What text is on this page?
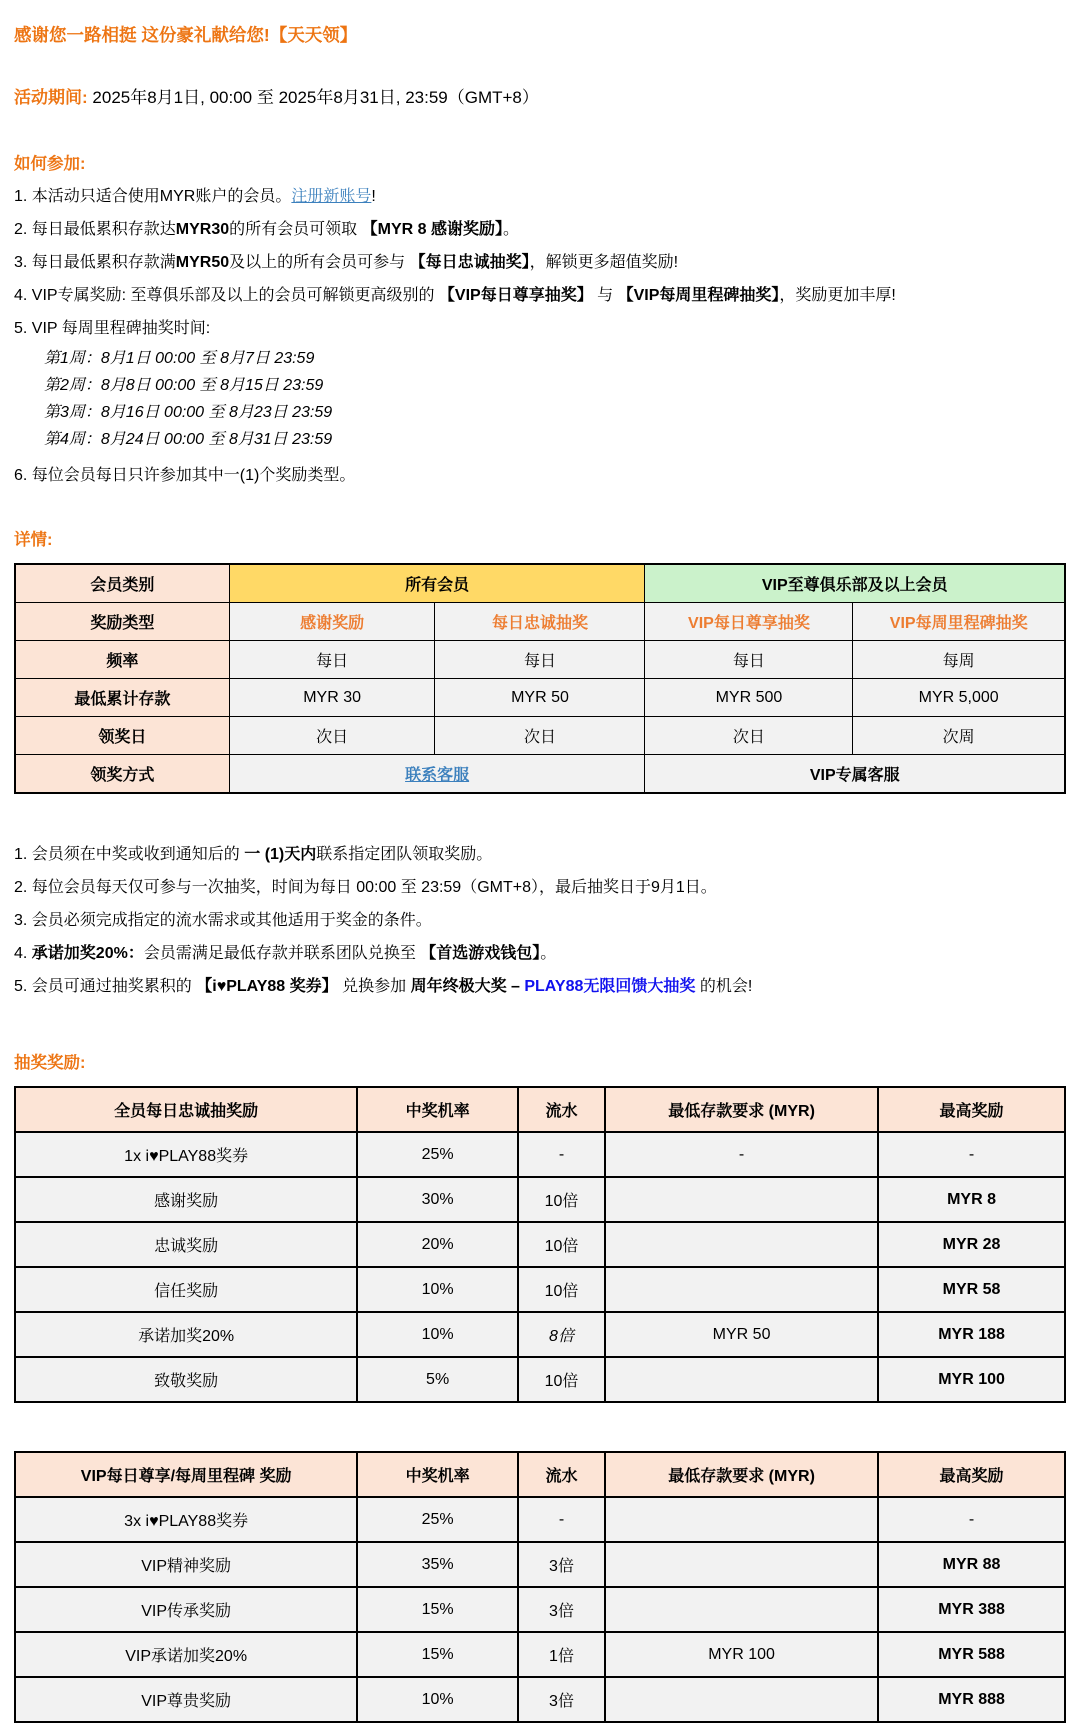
感谢您一路相挺 这份豪礼献给您!【天天领】
活动期间: 2025年8月1日, 00:00 至 2025年8月31日, 23:59（GMT+8）
如何参加:
1. 本活动只适合使用MYR账户的会员。注册新账号!
2. 每日最低累积存款达MYR30的所有会员可领取 【MYR 8 感谢奖励】。
3. 每日最低累积存款满MYR50及以上的所有会员可参与 【每日忠诚抽奖】，解锁更多超值奖励!
4. VIP专属奖励: 至尊俱乐部及以上的会员可解锁更高级别的 【VIP每日尊享抽奖】 与 【VIP每周里程碑抽奖】，奖励更加丰厚!
5. VIP 每周里程碑抽奖时间:
第1周：8月1日 00:00 至 8月7日 23:59
第2周：8月8日 00:00 至 8月15日 23:59
第3周：8月16日 00:00 至 8月23日 23:59
第4周：8月24日 00:00 至 8月31日 23:59
6. 每位会员每日只许参加其中一(1)个奖励类型。
详情:
会员类别	所有会员		VIP至尊俱乐部及以上会员	
奖励类型	感谢奖励	每日忠诚抽奖	VIP每日尊享抽奖	VIP每周里程碑抽奖
频率	每日	每日	每日	每周
最低累计存款	MYR 30	MYR 50	MYR 500	MYR 5,000
领奖日	次日	次日	次日	次周
领奖方式	联系客服		VIP专属客服	
1. 会员须在中奖或收到通知后的 一 (1)天内联系指定团队领取奖励。
2. 每位会员每天仅可参与一次抽奖，时间为每日 00:00 至 23:59（GMT+8），最后抽奖日于9月1日。
3. 会员必须完成指定的流水需求或其他适用于奖金的条件。
4. 承诺加奖20%：会员需满足最低存款并联系团队兑换至 【首选游戏钱包】。
5. 会员可通过抽奖累积的 【i♥PLAY88 奖券】 兑换参加 周年终极大奖 – PLAY88无限回馈大抽奖 的机会!
抽奖奖励:
全员每日忠诚抽奖励	中奖机率	流水	最低存款要求 (MYR)	最高奖励
1x i♥PLAY88奖券	25%	-	-	-
感谢奖励	30%	10倍		MYR 8
忠诚奖励	20%	10倍		MYR 28
信任奖励	10%	10倍		MYR 58
承诺加奖20%	10%	8倍	MYR 50	MYR 188
致敬奖励	5%	10倍		MYR 100
VIP每日尊享/每周里程碑 奖励	中奖机率	流水	最低存款要求 (MYR)	最高奖励
3x i♥PLAY88奖券	25%	-		-
VIP精神奖励	35%	3倍		MYR 88
VIP传承奖励	15%	3倍		MYR 388
VIP承诺加奖20%	15%	1倍	MYR 100	MYR 588
VIP尊贵奖励	10%	3倍		MYR 888
